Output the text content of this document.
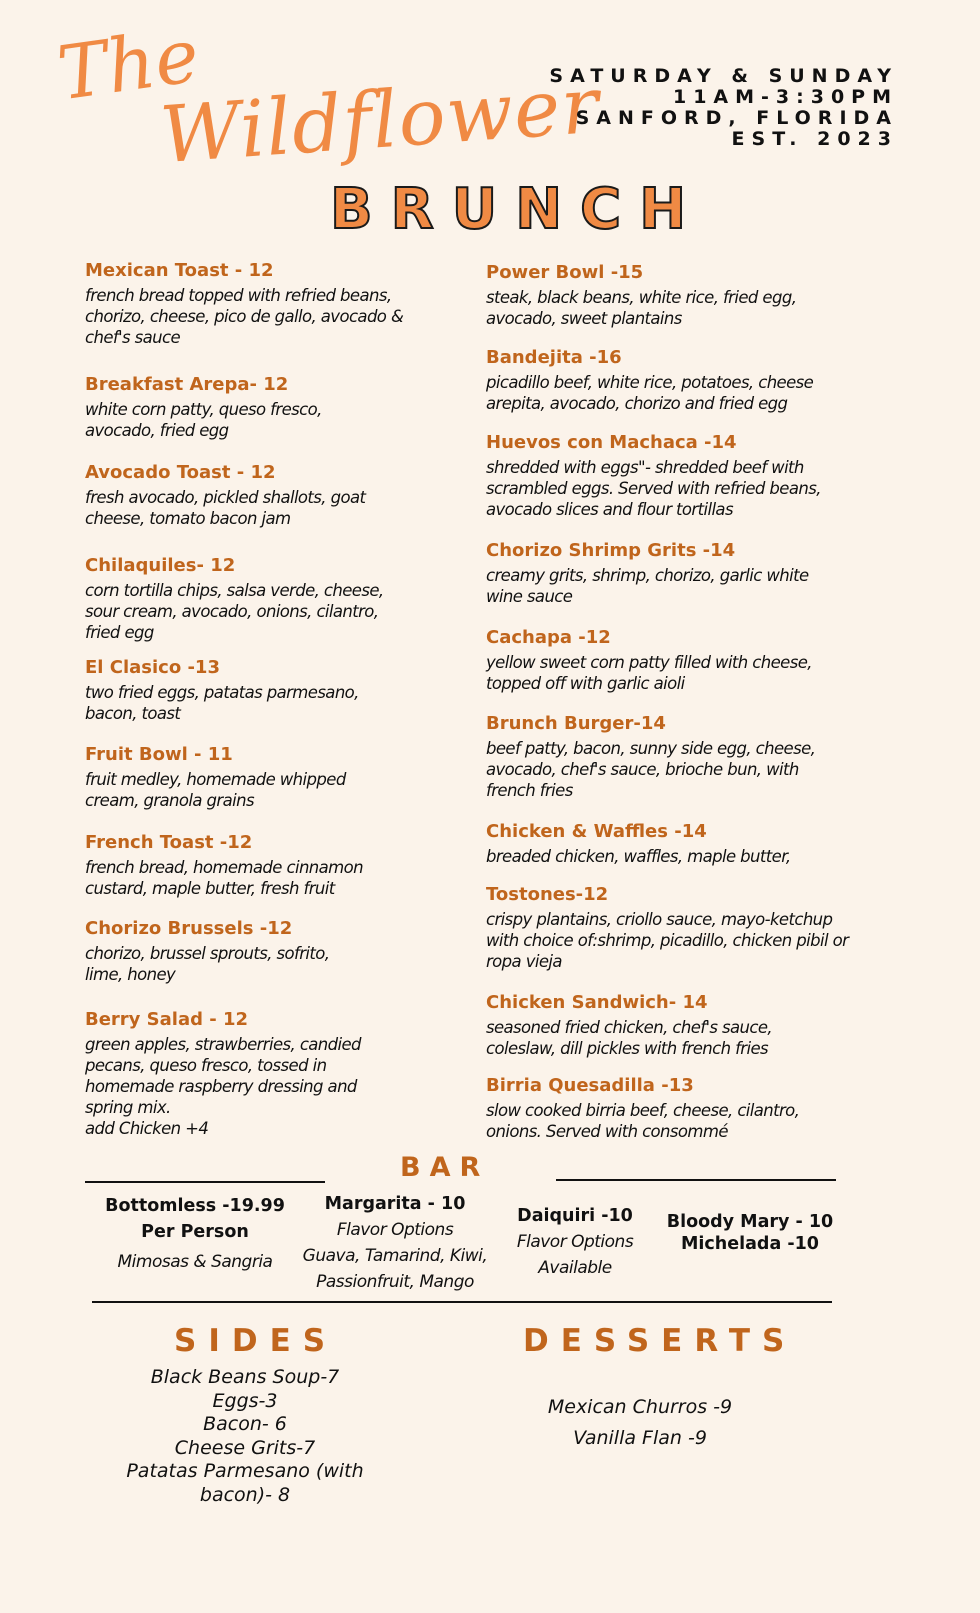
The
Wildflower
SATURDAY & SUNDAY
11AM-3:30PM
SANFORD, FLORIDA
EST. 2023
BRUNCH
Mexican Toast - 12
french bread topped with refried beans, chorizo, cheese, pico de gallo, avocado & chef's sauce
Breakfast Arepa- 12
white corn patty, queso fresco, avocado, fried egg
Avocado Toast - 12
fresh avocado, pickled shallots, goat cheese, tomato bacon jam
Chilaquiles- 12
corn tortilla chips, salsa verde, cheese, sour cream, avocado, onions, cilantro, fried egg
El Clasico -13
two fried eggs, patatas parmesano, bacon, toast
Fruit Bowl - 11
fruit medley, homemade whipped cream, granola grains
French Toast -12
french bread, homemade cinnamon custard, maple butter, fresh fruit
Chorizo Brussels -12
chorizo, brussel sprouts, sofrito, lime, honey
Berry Salad - 12
green apples, strawberries, candied pecans, queso fresco, tossed in homemade raspberry dressing and spring mix.
add Chicken +4
Power Bowl -15
steak, black beans, white rice, fried egg, avocado, sweet plantains
Bandejita -16
picadillo beef, white rice, potatoes, cheese arepita, avocado, chorizo and fried egg
Huevos con Machaca -14
shredded with eggs"- shredded beef with scrambled eggs. Served with refried beans, avocado slices and flour tortillas
Chorizo Shrimp Grits -14
creamy grits, shrimp, chorizo, garlic white wine sauce
Cachapa -12
yellow sweet corn patty filled with cheese, topped off with garlic aioli
Brunch Burger-14
beef patty, bacon, sunny side egg, cheese, avocado, chef's sauce, brioche bun, with french fries
Chicken & Waffles -14
breaded chicken, waffles, maple butter,
Tostones-12
crispy plantains, criollo sauce, mayo-ketchup with choice of:shrimp, picadillo, chicken pibil or ropa vieja
Chicken Sandwich- 14
seasoned fried chicken, chef's sauce, coleslaw, dill pickles with french fries
Birria Quesadilla -13
slow cooked birria beef, cheese, cilantro, onions. Served with consommé
BAR
Bottomless -19.99
Per Person
Mimosas & Sangria
Margarita - 10
Flavor Options
Guava, Tamarind, Kiwi,
Passionfruit, Mango
Daiquiri -10
Flavor Options
Available
Bloody Mary - 10
Michelada -10
SIDES
Black Beans Soup-7
Eggs-3
Bacon- 6
Cheese Grits-7
Patatas Parmesano (with
bacon)- 8
DESSERTS
Mexican Churros -9
Vanilla Flan -9
